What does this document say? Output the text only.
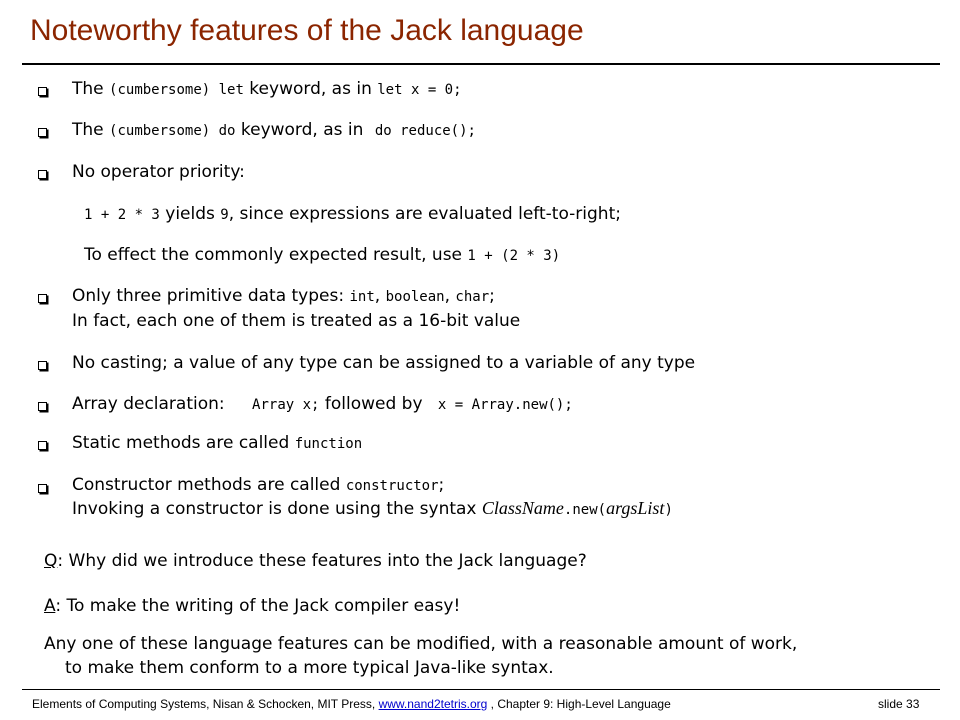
Noteworthy features of the Jack language
The (cumbersome) let keyword, as in let x = 0;
The (cumbersome) do keyword, as in do reduce();
No operator priority:
1 + 2 * 3 yields 9, since expressions are evaluated left-to-right;
To effect the commonly expected result, use 1 + (2 * 3)
Only three primitive data types: int, boolean, char;
In fact, each one of them is treated as a 16-bit value
No casting; a value of any type can be assigned to a variable of any type
Array declaration: Array x; followed by x = Array.new();
Static methods are called function
Constructor methods are called constructor;
Invoking a constructor is done using the syntax ClassName.new(argsList)
Q: Why did we introduce these features into the Jack language?
A: To make the writing of the Jack compiler easy!
Any one of these language features can be modified, with a reasonable amount of work,
to make them conform to a more typical Java-like syntax.
Elements of Computing Systems, Nisan & Schocken, MIT Press, www.nand2tetris.org , Chapter 9: High-Level Language	slide 33
